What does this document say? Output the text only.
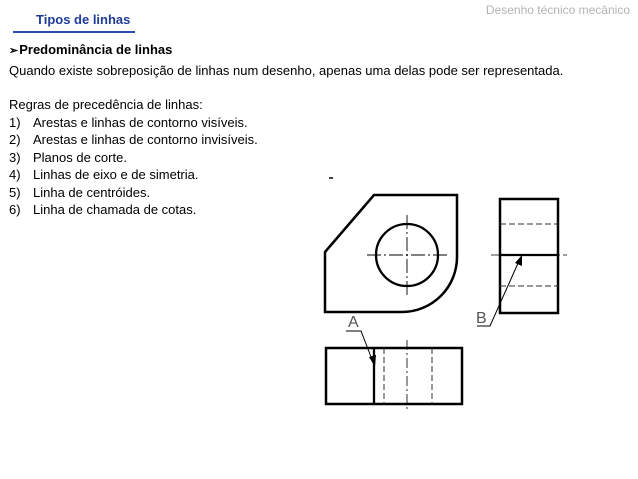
Desenho técnico mecânico
Tipos de linhas
➢Predominância de linhas
Quando existe sobreposição de linhas num desenho, apenas uma delas pode ser representada.
Regras de precedência de linhas:
1) Arestas e linhas de contorno visíveis.
2) Arestas e linhas de contorno invisíveis.
3) Planos de corte.
4) Linhas de eixo e de simetria.
5) Linha de centróides.
6) Linha de chamada de cotas.
A	B
